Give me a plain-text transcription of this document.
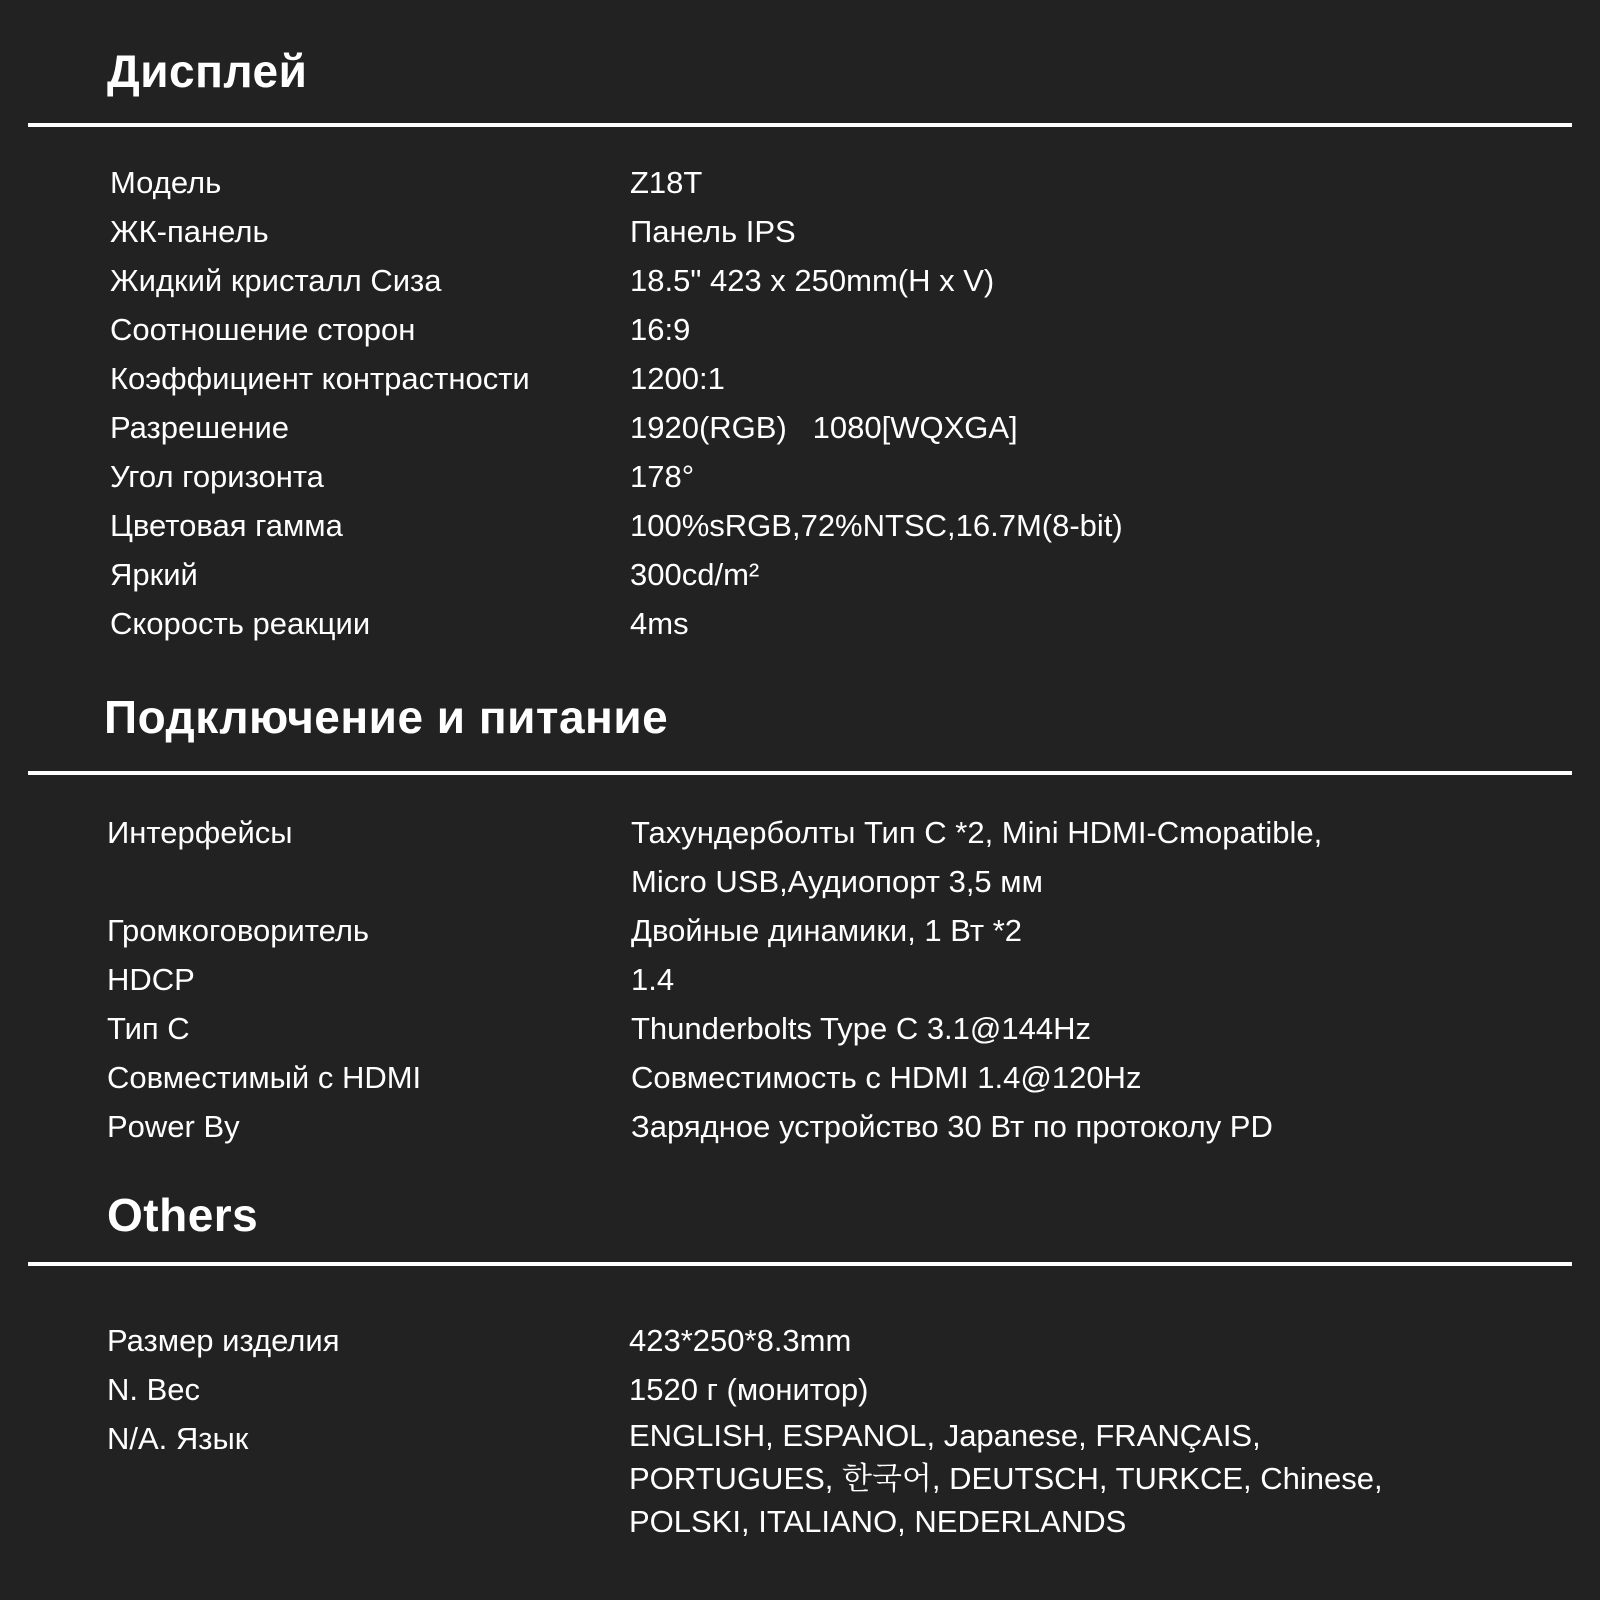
Дисплей
Модель	Z18T
ЖК-панель	Панель IPS
Жидкий кристалл Сиза	18.5" 423 x 250mm(H x V)
Соотношение сторон	16:9
Коэффициент контрастности	1200:1
Разрешение	1920(RGB)   1080[WQXGA]
Угол горизонта	178°
Цветовая гамма	100%sRGB,72%NTSC,16.7M(8-bit)
Яркий	300cd/m²
Скорость реакции	4ms
Подключение и питание
Интерфейсы	Тахундерболты Тип С *2, Mini HDMI-Cmopatible,
Micro USB,Аудиопорт 3,5 мм
Громкоговоритель	Двойные динамики, 1 Вт *2
HDCP	1.4
Тип C	Thunderbolts Type C 3.1@144Hz
Совместимый с HDMI	Совместимость с HDMI 1.4@120Hz
Power By	Зарядное устройство 30 Вт по протоколу PD
Others
Размер изделия	423*250*8.3mm
N. Вес	1520 г (монитор)
N/A. Язык	ENGLISH, ESPANOL, Japanese, FRANÇAIS,
PORTUGUES, 한국어, DEUTSCH, TURKCE, Chinese,
POLSKI, ITALIANO, NEDERLANDS
